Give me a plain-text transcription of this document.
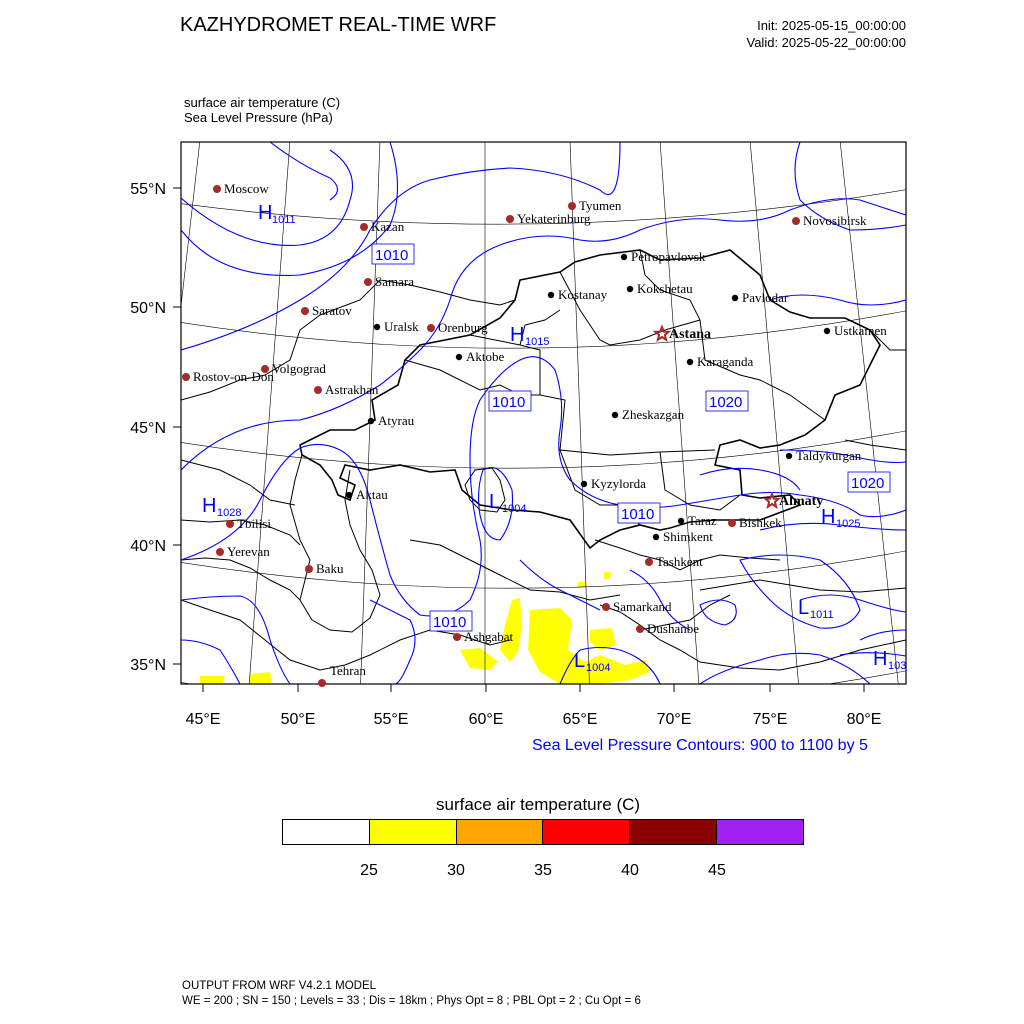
KAZHYDROMET REAL-TIME WRF	Init: 2025-05-15_00:00:00
Valid: 2025-05-22_00:00:00
surface air temperature (C)
Sea Level Pressure (hPa)
45°E	50°E	55°E	60°E	65°E	70°E	75°E	80°E
55°N
50°N
45°N
40°N
35°N
1010
1010	1020
1010
1020
1010
H 1011
H 1015
L 1004
H 1028	H 1025
L 1011
L 1004	H 103
Moscow
Kazan
Tyumen
Yekaterinburg	Novosibirsk
Samara
Saratov
Orenburg
Volgograd
Rostov-on-Don
Astrakhan
Tbilisi
Yerevan
Baku
Ashgabat
Tehran
Samarkand
Dushanbe
Tashkent
Bishkek
Petropavlovsk
Kostanay Kokshetau
Pavlodar
Uralsk
Aktobe
Ustkamen
Karaganda
Atyrau	Zheskazgan
Taldykurgan
Aktau
Kyzylorda
Taraz
Shimkent
Astana
Almaty
Sea Level Pressure Contours: 900 to 1100 by 5
surface air temperature (C)
25	30	35	40	45
OUTPUT FROM WRF V4.2.1 MODEL
WE = 200 ; SN = 150 ; Levels = 33 ; Dis = 18km ; Phys Opt = 8 ; PBL Opt = 2 ; Cu Opt = 6
